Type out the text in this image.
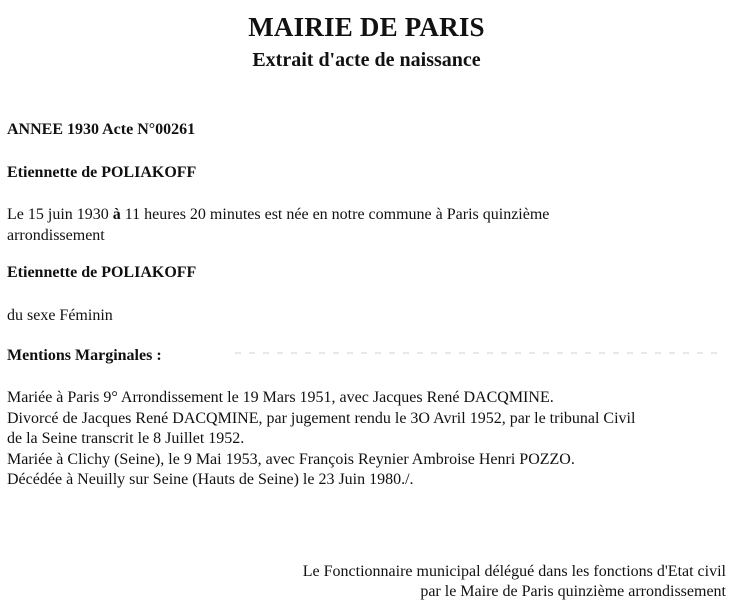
MAIRIE DE PARIS
Extrait d'acte de naissance
ANNEE 1930 Acte N°00261
Etiennette de POLIAKOFF
Le 15 juin 1930 à 11 heures 20 minutes est née en notre commune à Paris quinzième arrondissement
Etiennette de POLIAKOFF
du sexe Féminin
Mentions Marginales :
Mariée à Paris 9° Arrondissement le 19 Mars 1951, avec Jacques René DACQMINE.
Divorcé de Jacques René DACQMINE, par jugement rendu le 3O Avril 1952, par le tribunal Civil
de la Seine transcrit le 8 Juillet 1952.
Mariée à Clichy (Seine), le 9 Mai 1953, avec François Reynier Ambroise Henri POZZO.
Décédée à Neuilly sur Seine (Hauts de Seine) le 23 Juin 1980./.
Le Fonctionnaire municipal délégué dans les fonctions d'Etat civil
par le Maire de Paris quinzième arrondissement
